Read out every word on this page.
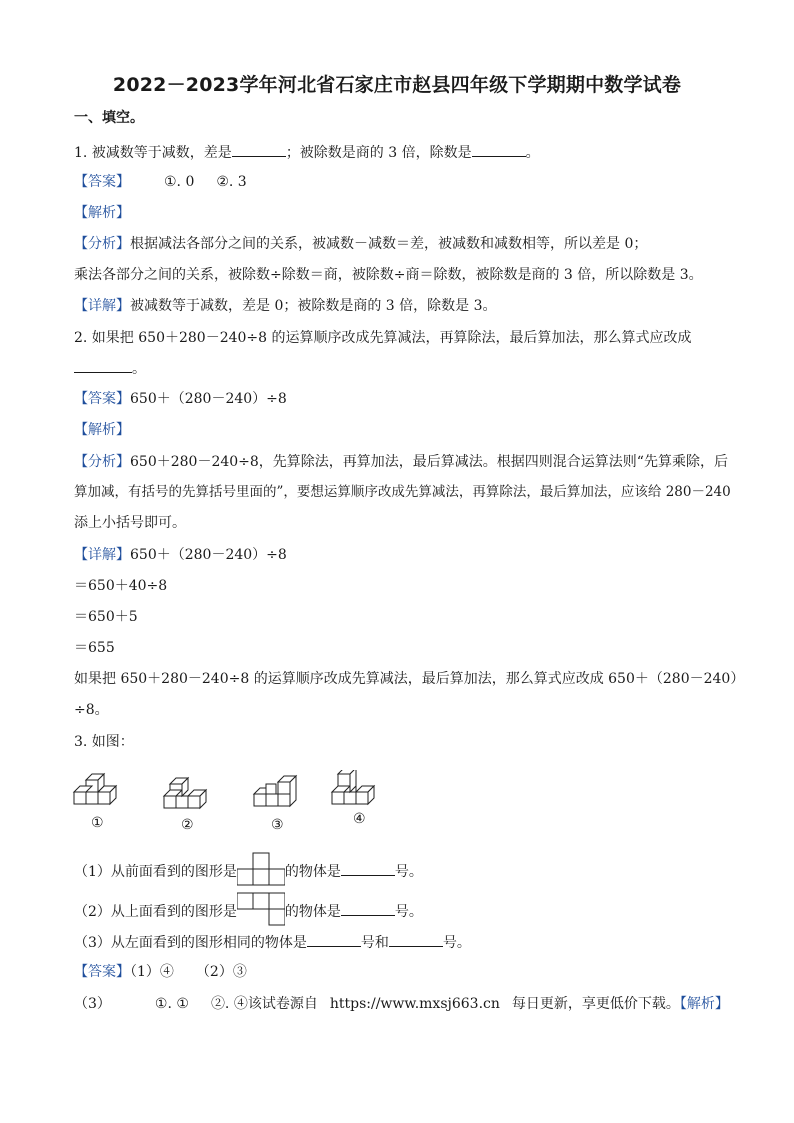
2022－2023学年河北省石家庄市赵县四年级下学期期中数学试卷
一、填空。
1. 被减数等于减数，差是	；被除数是商的 3 倍，除数是	。
【答案】 ①. 0 ②. 3
【解析】
【分析】根据减法各部分之间的关系，被减数－减数＝差，被减数和减数相等，所以差是 0；
乘法各部分之间的关系，被除数÷除数＝商，被除数÷商＝除数，被除数是商的 3 倍，所以除数是 3。
【详解】被减数等于减数，差是 0；被除数是商的 3 倍，除数是 3。
2. 如果把 650＋280－240÷8 的运算顺序改成先算减法，再算除法，最后算加法，那么算式应改成
。
【答案】650＋（280－240）÷8
【解析】
【分析】650＋280－240÷8，先算除法，再算加法，最后算减法。根据四则混合运算法则“先算乘除，后
算加减，有括号的先算括号里面的”，要想运算顺序改成先算减法，再算除法，最后算加法，应该给 280－240
添上小括号即可。
【详解】650＋（280－240）÷8
＝650＋40÷8
＝650＋5
＝655
如果把 650＋280－240÷8 的运算顺序改成先算减法，最后算加法，那么算式应改成 650＋（280－240）
÷8。
3. 如图：
①	②	③	④
（1）从前面看到的图形是	的物体是	号。
（2）从上面看到的图形是	的物体是	号。
（3）从左面看到的图形相同的物体是	号和	号。
【答案】（1）④ （2）③
（3）	①. ① ②. ④该试卷源自 https://www.mxsj663.cn 每日更新，享更低价下载。【解析】
